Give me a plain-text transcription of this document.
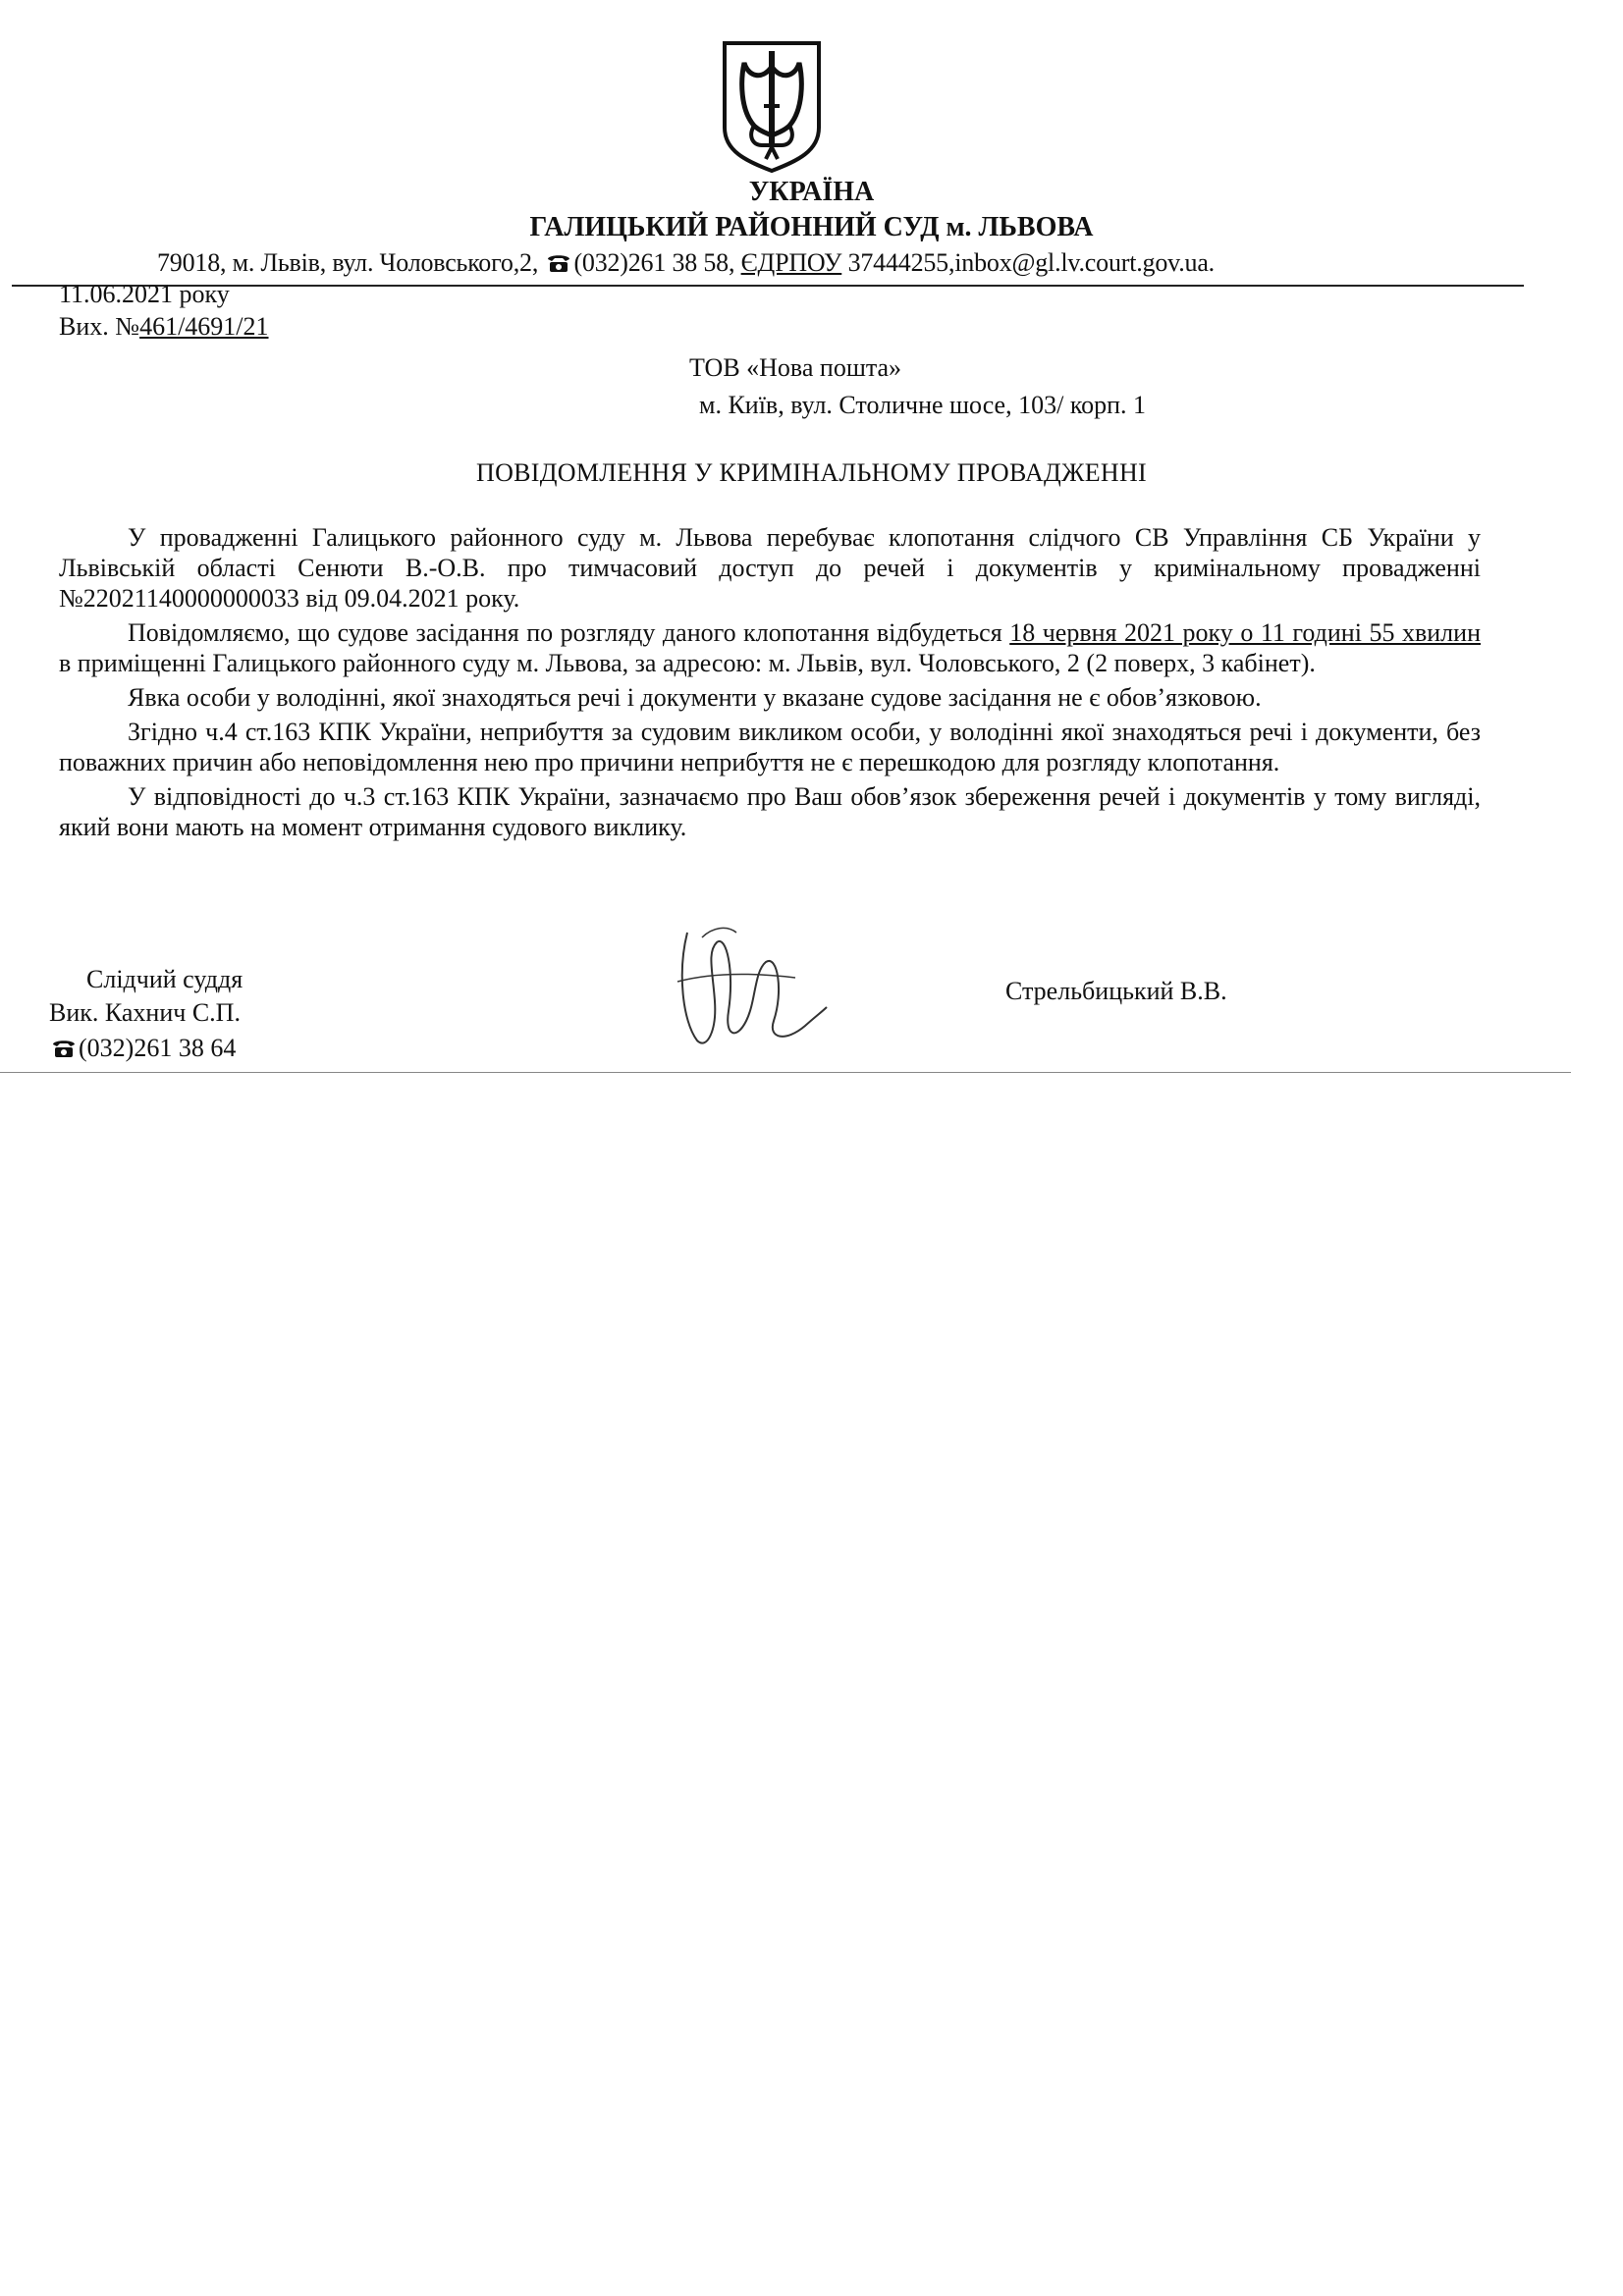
УКРАЇНА
ГАЛИЦЬКИЙ РАЙОННИЙ СУД м. ЛЬВОВА
79018, м. Львів, вул. Чоловського,2, (032)261 38 58, ЄДРПОУ 37444255,inbox@gl.lv.court.gov.ua.
11.06.2021 року
Вих. №461/4691/21
ТОВ «Нова пошта»
м. Київ, вул. Столичне шосе, 103/ корп. 1
ПОВІДОМЛЕННЯ У КРИМІНАЛЬНОМУ ПРОВАДЖЕННІ

У провадженні Галицького районного суду м. Львова перебуває клопотання слідчого СВ Управління СБ України у Львівській області Сенюти В.-О.В. про тимчасовий доступ до речей і документів у кримінальному провадженні №22021140000000033 від 09.04.2021 року.

Повідомляємо, що судове засідання по розгляду даного клопотання відбудеться 18 червня 2021 року о 11 годині 55 хвилин в приміщенні Галицького районного суду м. Львова, за адресою: м. Львів, вул. Чоловського, 2 (2 поверх, 3 кабінет).

Явка особи у володінні, якої знаходяться речі і документи у вказане судове засідання не є обов’язковою.

Згідно ч.4 ст.163 КПК України, неприбуття за судовим викликом особи, у володінні якої знаходяться речі і документи, без поважних причин або неповідомлення нею про причини неприбуття не є перешкодою для розгляду клопотання.

У відповідності до ч.3 ст.163 КПК України, зазначаємо про Ваш обов’язок збереження речей і документів у тому вигляді, який вони мають на момент отримання судового виклику.

Слідчий суддя
Вик. Кахнич С.П.
(032)261 38 64
Стрельбицький В.В.
